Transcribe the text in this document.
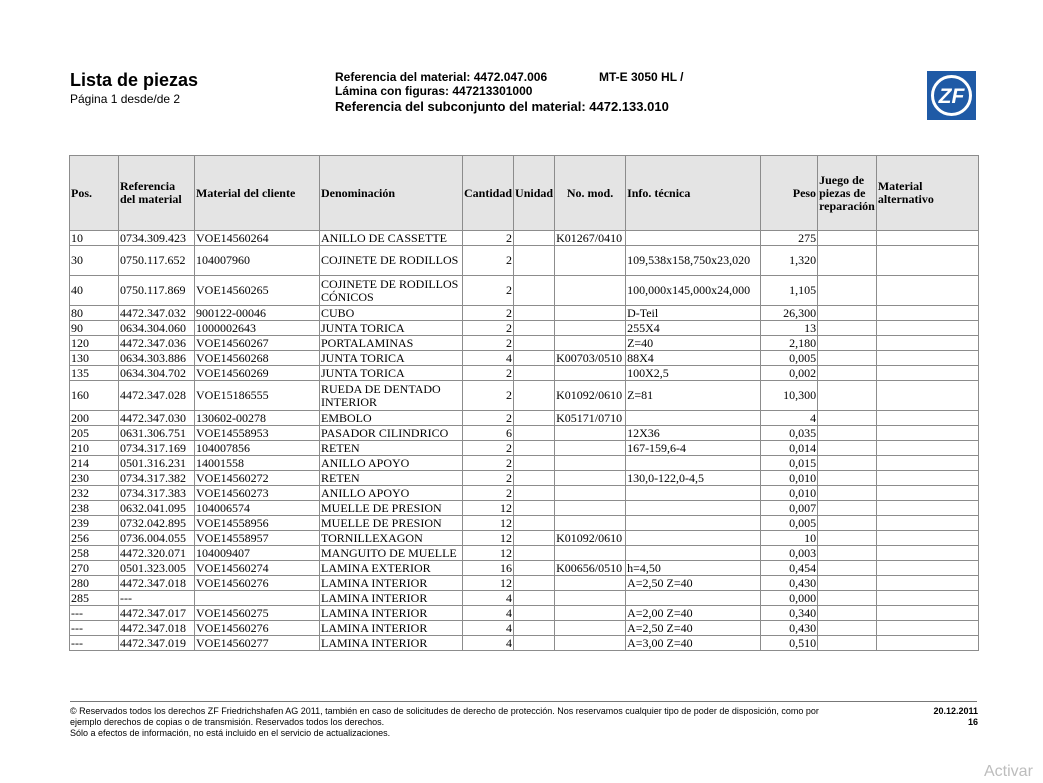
Lista de piezas
Página 1 desde/de 2
Referencia del material: 4472.047.006	MT-E 3050 HL /
Lámina con figuras: 447213301000
Referencia del subconjunto del material: 4472.133.010	ZF
Pos.	Referencia del material	Material del cliente	Denominación	Cantidad	Unidad	No. mod.	Info. técnica	Peso	Juego de piezas de reparación	Material alternativo
10	0734.309.423	VOE14560264	ANILLO DE CASSETTE	2		K01267/0410		275		
30	0750.117.652	104007960	COJINETE DE RODILLOS	2			109,538x158,750x23,020	1,320		
40	0750.117.869	VOE14560265	COJINETE DE RODILLOS CÓNICOS	2			100,000x145,000x24,000	1,105		
80	4472.347.032	900122-00046	CUBO	2			D-Teil	26,300		
90	0634.304.060	1000002643	JUNTA TORICA	2			255X4	13		
120	4472.347.036	VOE14560267	PORTALAMINAS	2			Z=40	2,180		
130	0634.303.886	VOE14560268	JUNTA TORICA	4		K00703/0510	88X4	0,005		
135	0634.304.702	VOE14560269	JUNTA TORICA	2			100X2,5	0,002		
160	4472.347.028	VOE15186555	RUEDA DE DENTADO INTERIOR	2		K01092/0610	Z=81	10,300		
200	4472.347.030	130602-00278	EMBOLO	2		K05171/0710		4		
205	0631.306.751	VOE14558953	PASADOR CILINDRICO	6			12X36	0,035		
210	0734.317.169	104007856	RETEN	2			167-159,6-4	0,014		
214	0501.316.231	14001558	ANILLO APOYO	2				0,015		
230	0734.317.382	VOE14560272	RETEN	2			130,0-122,0-4,5	0,010		
232	0734.317.383	VOE14560273	ANILLO APOYO	2				0,010		
238	0632.041.095	104006574	MUELLE DE PRESION	12				0,007		
239	0732.042.895	VOE14558956	MUELLE DE PRESION	12				0,005		
256	0736.004.055	VOE14558957	TORNILLEXAGON	12		K01092/0610		10		
258	4472.320.071	104009407	MANGUITO DE MUELLE	12				0,003		
270	0501.323.005	VOE14560274	LAMINA EXTERIOR	16		K00656/0510	h=4,50	0,454		
280	4472.347.018	VOE14560276	LAMINA INTERIOR	12			A=2,50 Z=40	0,430		
285	---		LAMINA INTERIOR	4				0,000		
---	4472.347.017	VOE14560275	LAMINA INTERIOR	4			A=2,00 Z=40	0,340		
---	4472.347.018	VOE14560276	LAMINA INTERIOR	4			A=2,50 Z=40	0,430		
---	4472.347.019	VOE14560277	LAMINA INTERIOR	4			A=3,00 Z=40	0,510		
© Reservados todos los derechos ZF Friedrichshafen AG 2011, también en caso de solicitudes de derecho de protección. Nos reservamos cualquier tipo de poder de disposición, como por
ejemplo derechos de copias o de transmisión. Reservados todos los derechos.
Sólo a efectos de información, no está incluido en el servicio de actualizaciones.
20.12.2011
16
Activar
